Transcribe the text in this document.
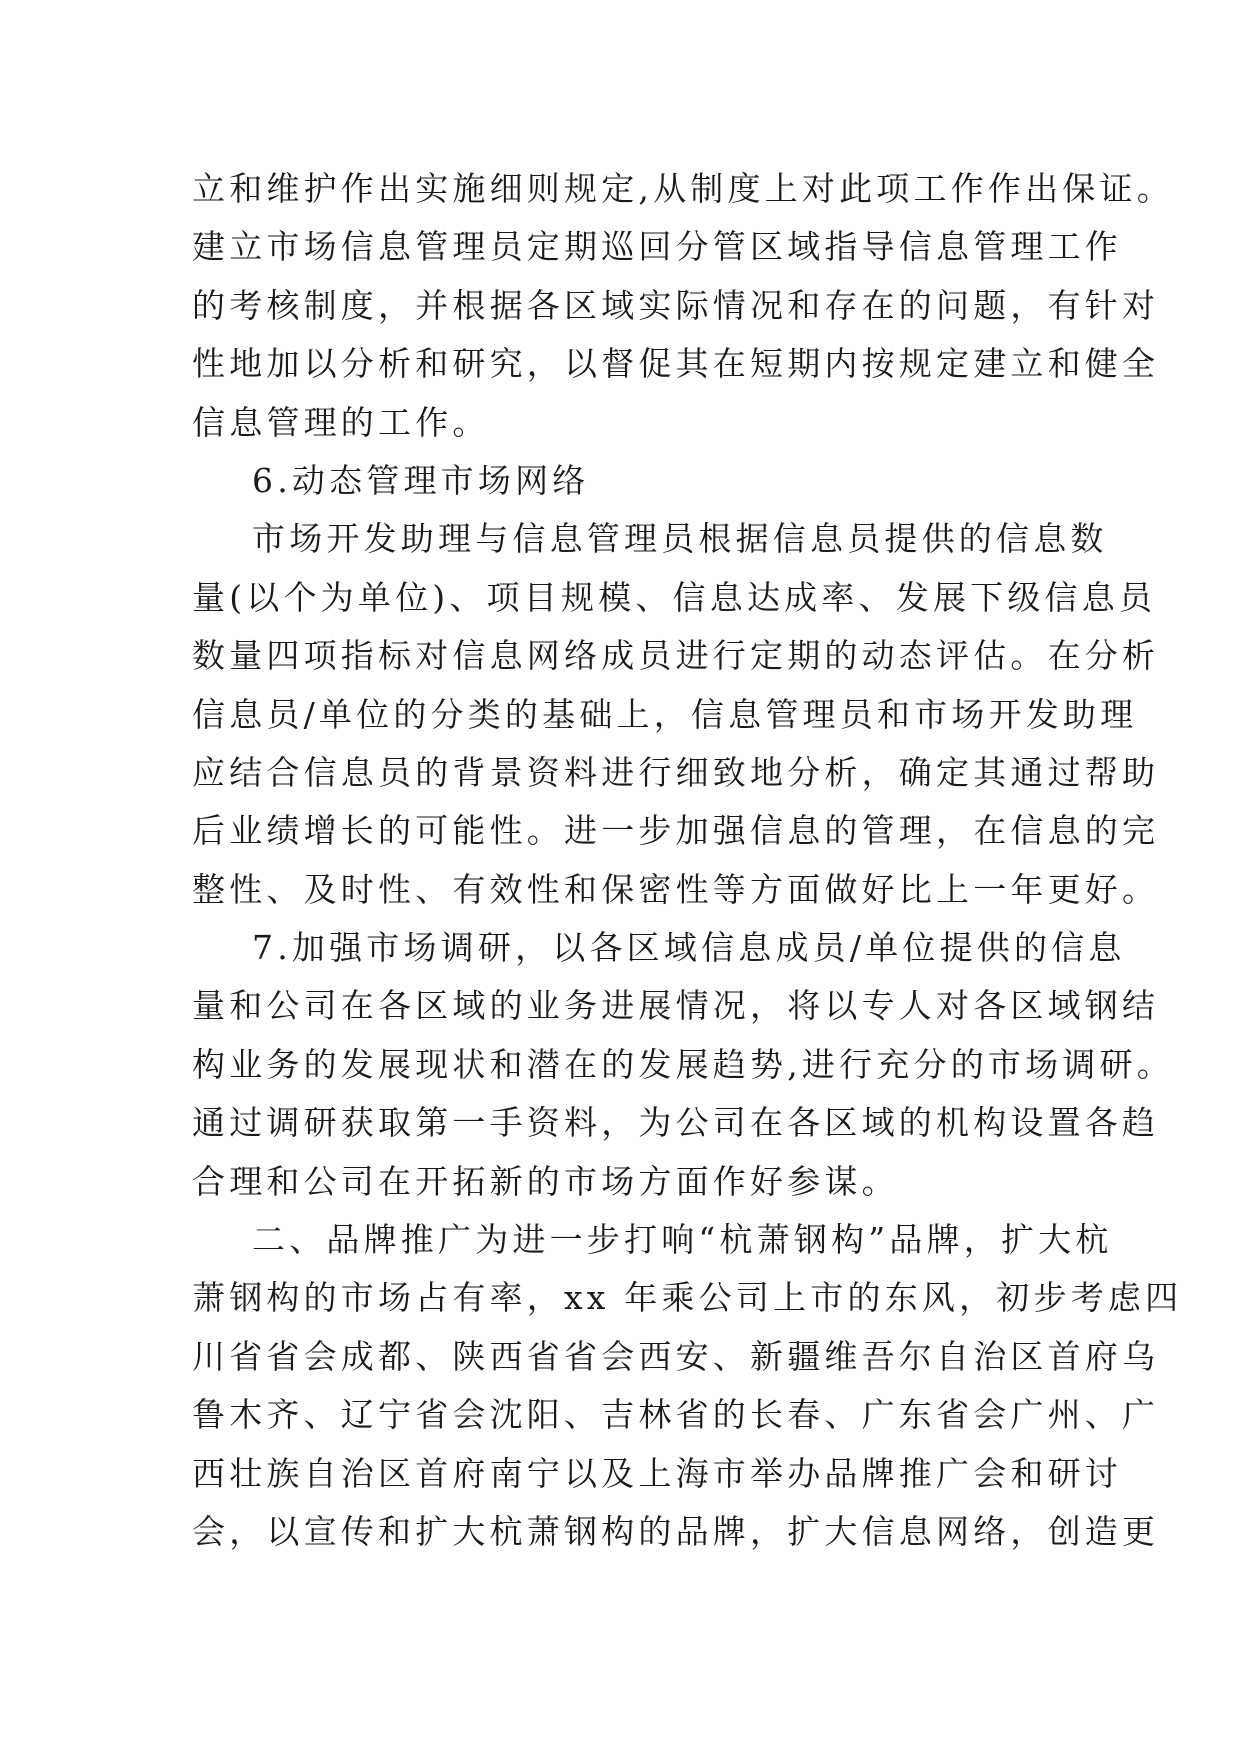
立和维护作出实施细则规定,从制度上对此项工作作出保证。
建立市场信息管理员定期巡回分管区域指导信息管理工作
的考核制度，并根据各区域实际情况和存在的问题，有针对
性地加以分析和研究，以督促其在短期内按规定建立和健全
信息管理的工作。
6.动态管理市场网络
市场开发助理与信息管理员根据信息员提供的信息数
量(以个为单位)、项目规模、信息达成率、发展下级信息员
数量四项指标对信息网络成员进行定期的动态评估。在分析
信息员/单位的分类的基础上，信息管理员和市场开发助理
应结合信息员的背景资料进行细致地分析，确定其通过帮助
后业绩增长的可能性。进一步加强信息的管理，在信息的完
整性、及时性、有效性和保密性等方面做好比上一年更好。
7.加强市场调研，以各区域信息成员/单位提供的信息
量和公司在各区域的业务进展情况，将以专人对各区域钢结
构业务的发展现状和潜在的发展趋势,进行充分的市场调研。
通过调研获取第一手资料，为公司在各区域的机构设置各趋
合理和公司在开拓新的市场方面作好参谋。
二、品牌推广为进一步打响“杭萧钢构”品牌，扩大杭
萧钢构的市场占有率，xx 年乘公司上市的东风，初步考虑四
川省省会成都、陕西省省会西安、新疆维吾尔自治区首府乌
鲁木齐、辽宁省会沈阳、吉林省的长春、广东省会广州、广
西壮族自治区首府南宁以及上海市举办品牌推广会和研讨
会，以宣传和扩大杭萧钢构的品牌，扩大信息网络，创造更
